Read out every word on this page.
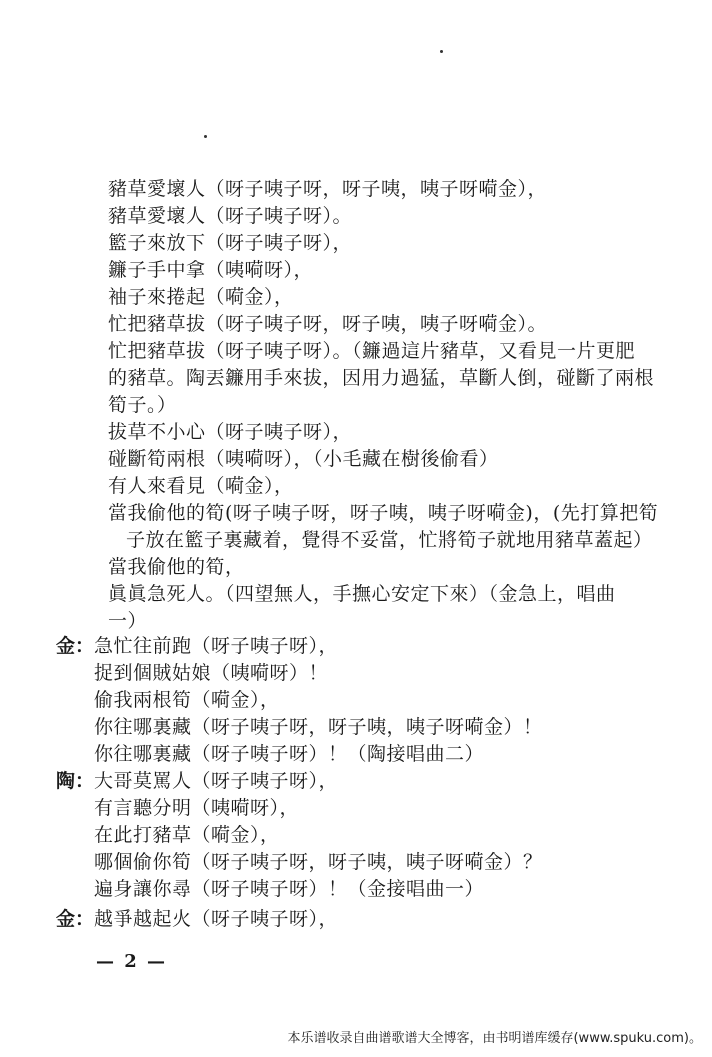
豬草愛壞人（呀子咦子呀，呀子咦，咦子呀嗬金），
豬草愛壞人（呀子咦子呀）。
籃子來放下（呀子咦子呀），
鐮子手中拿（咦嗬呀），
袖子來捲起（嗬金），
忙把豬草拔（呀子咦子呀，呀子咦，咦子呀嗬金）。
忙把豬草拔（呀子咦子呀）。（鐮過這片豬草，又看見一片更肥
的豬草。陶丟鐮用手來拔，因用力過猛，草斷人倒，碰斷了兩根
筍子。）
拔草不小心（呀子咦子呀），
碰斷筍兩根（咦嗬呀），（小毛藏在樹後偷看）
有人來看見（嗬金），
當我偷他的筍(呀子咦子呀，呀子咦，咦子呀嗬金)，(先打算把筍
子放在籃子裏藏着，覺得不妥當，忙將筍子就地用豬草蓋起）
當我偷他的筍，
眞眞急死人。（四望無人，手撫心安定下來）（金急上，唱曲
一）
金： 急忙往前跑（呀子咦子呀），
捉到個賊姑娘（咦嗬呀）！
偷我兩根筍（嗬金），
你往哪裏藏（呀子咦子呀，呀子咦，咦子呀嗬金）！
你往哪裏藏（呀子咦子呀）！（陶接唱曲二）
陶： 大哥莫罵人（呀子咦子呀），
有言聽分明（咦嗬呀），
在此打豬草（嗬金），
哪個偷你筍（呀子咦子呀，呀子咦，咦子呀嗬金）？
遍身讓你尋（呀子咦子呀）！（金接唱曲一）
金： 越爭越起火（呀子咦子呀），
— 2 —
本乐谱收录自曲谱歌谱大全博客，由书明谱库缓存(www.spuku.com)。
